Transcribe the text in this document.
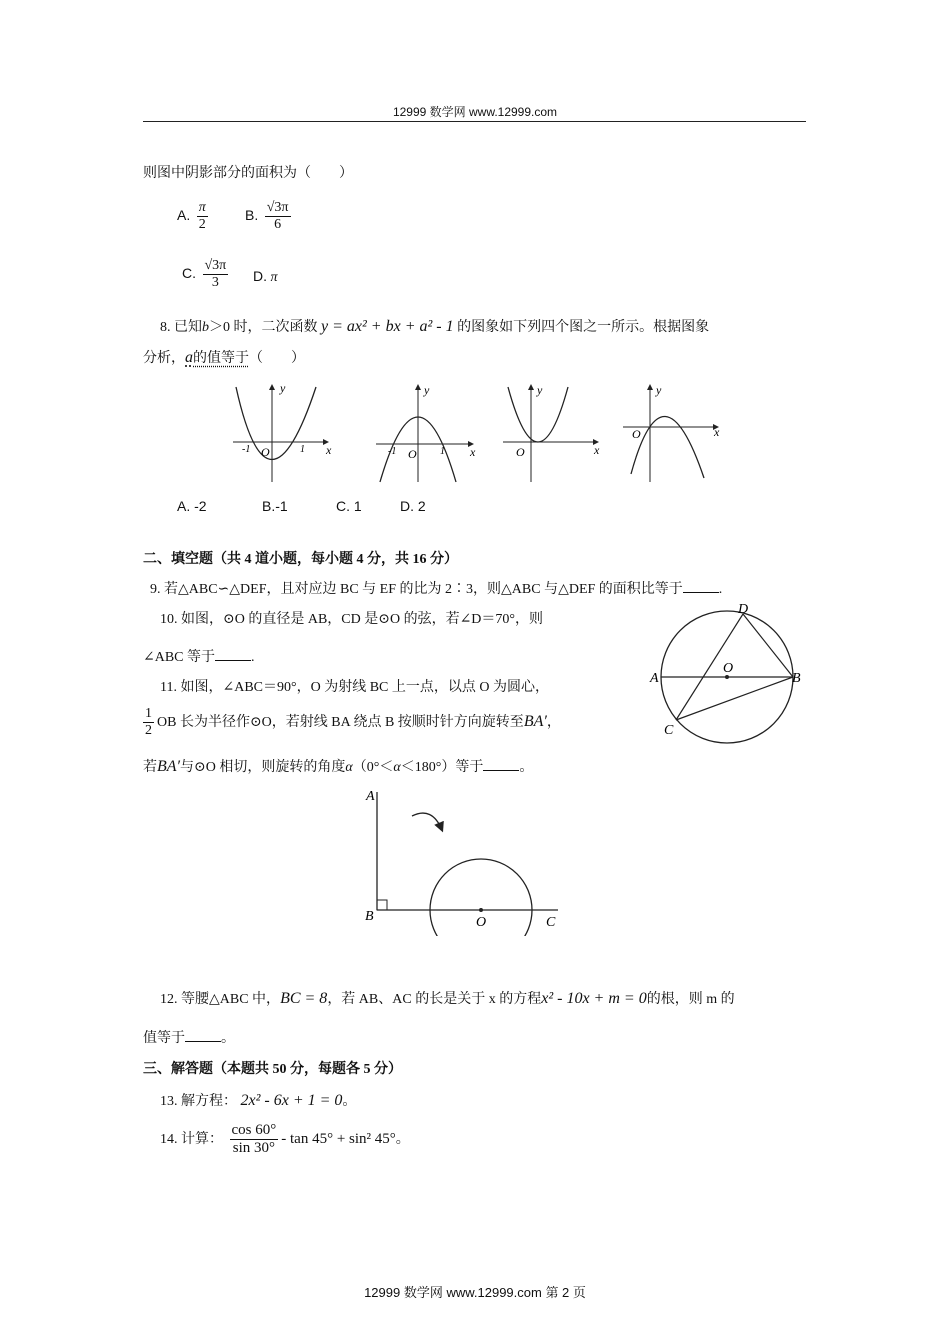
12999 数学网 www.12999.com
则图中阴影部分的面积为（　　）
A. $\frac{\pi}{2}$	B. $\frac{√3\pi}{6}$
C. $\frac{√3\pi}{3} D$. π
8. 已知b＞0 时，二次函数 y = ax² + bx + a² - 1 的图象如下列四个图之一所示。根据图象
分析，a的值等于（　　）
y
x
O
-1	1
y
x
O
-1	1
y
x
O
y
x
O
A. -2	B.-1	C. 1	D. 2
二、填空题（共 4 道小题，每小题 4 分，共 16 分）
9. 若△ABC∽△DEF，且对应边 BC 与 EF 的比为 2∶3，则△ABC 与△DEF 的面积比等于	.
10. 如图，⊙O 的直径是 AB，CD 是⊙O 的弦，若∠D＝70°，则
∠ABC 等于	.
A	B
C
D
O
11. 如图，∠ABC＝90°，O 为射线 BC 上一点，以点 O 为圆心，
$\frac{1}{2}$ OB 长为半径作⊙O，若射线 BA 绕点 B 按顺时针方向旋转至BA′，
若BA′与⊙O 相切，则旋转的角度α（0°＜α＜180°）等于	。
A
B	C
O
12. 等腰△ABC 中，BC = 8，若 AB、AC 的长是关于 x 的方程x² - 10x + m = 0的根，则 m 的
值等于	。
三、解答题（本题共 50 分，每题各 5 分）
13. 解方程： 2x² - 6x + 1 = 0。
14. 计算： $\frac{\cos 60^\circ}{\sin 30^\circ} - \tan 45^\circ + \sin^2$ 45°。
12999 数学网 www.12999.com 第 2 页
